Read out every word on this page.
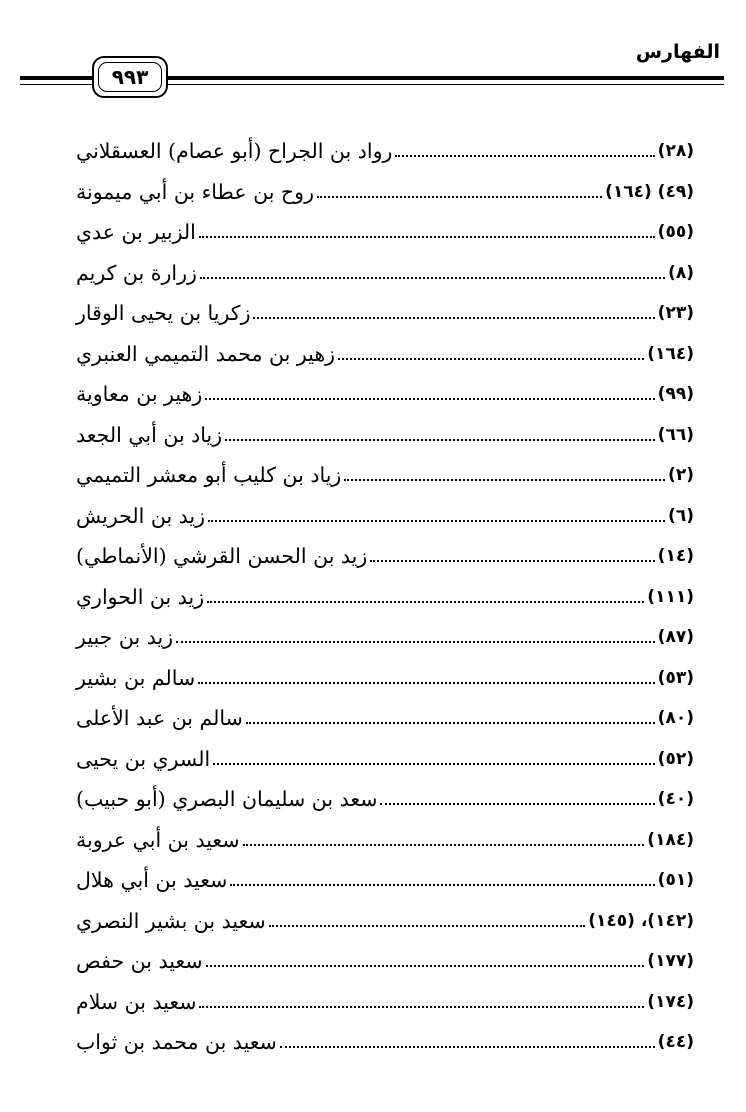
الفهارس
٩٩٣
رواد بن الجراح (أبو عصام) العسقلاني	(٢٨)
روح بن عطاء بن أبي ميمونة	(٤٩) (١٦٤)
الزبير بن عدي	(٥٥)
زرارة بن كريم	(٨)
زكريا بن يحيى الوقار	(٢٣)
زهير بن محمد التميمي العنبري	(١٦٤)
زهير بن معاوية	(٩٩)
زياد بن أبي الجعد	(٦٦)
زياد بن كليب أبو معشر التميمي	(٢)
زيد بن الحريش	(٦)
زيد بن الحسن القرشي (الأنماطي)	(١٤)
زيد بن الحواري	(١١١)
زيد بن جبير	(٨٧)
سالم بن بشير	(٥٣)
سالم بن عبد الأعلى	(٨٠)
السري بن يحيى	(٥٢)
سعد بن سليمان البصري (أبو حبيب)	(٤٠)
سعيد بن أبي عروبة	(١٨٤)
سعيد بن أبي هلال	(٥١)
سعيد بن بشير النصري	(١٤٢)، (١٤٥)
سعيد بن حفص	(١٧٧)
سعيد بن سلام	(١٧٤)
سعيد بن محمد بن ثواب	(٤٤)
